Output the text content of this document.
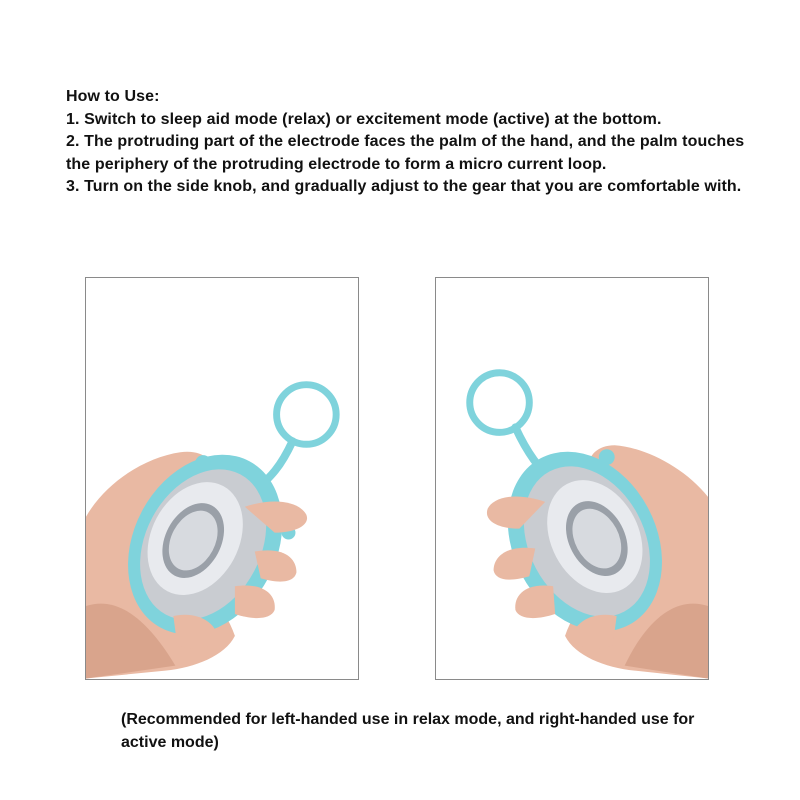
How to Use:

1. Switch to sleep aid mode (relax) or excitement mode (active) at the bottom.

2. The protruding part of the electrode faces the palm of the hand, and the palm touches the periphery of the protruding electrode to form a micro current loop.

3. Turn on the side knob, and gradually adjust to the gear that you are comfortable with.

(Recommended for left-handed use in relax mode, and right-handed use for active mode)
